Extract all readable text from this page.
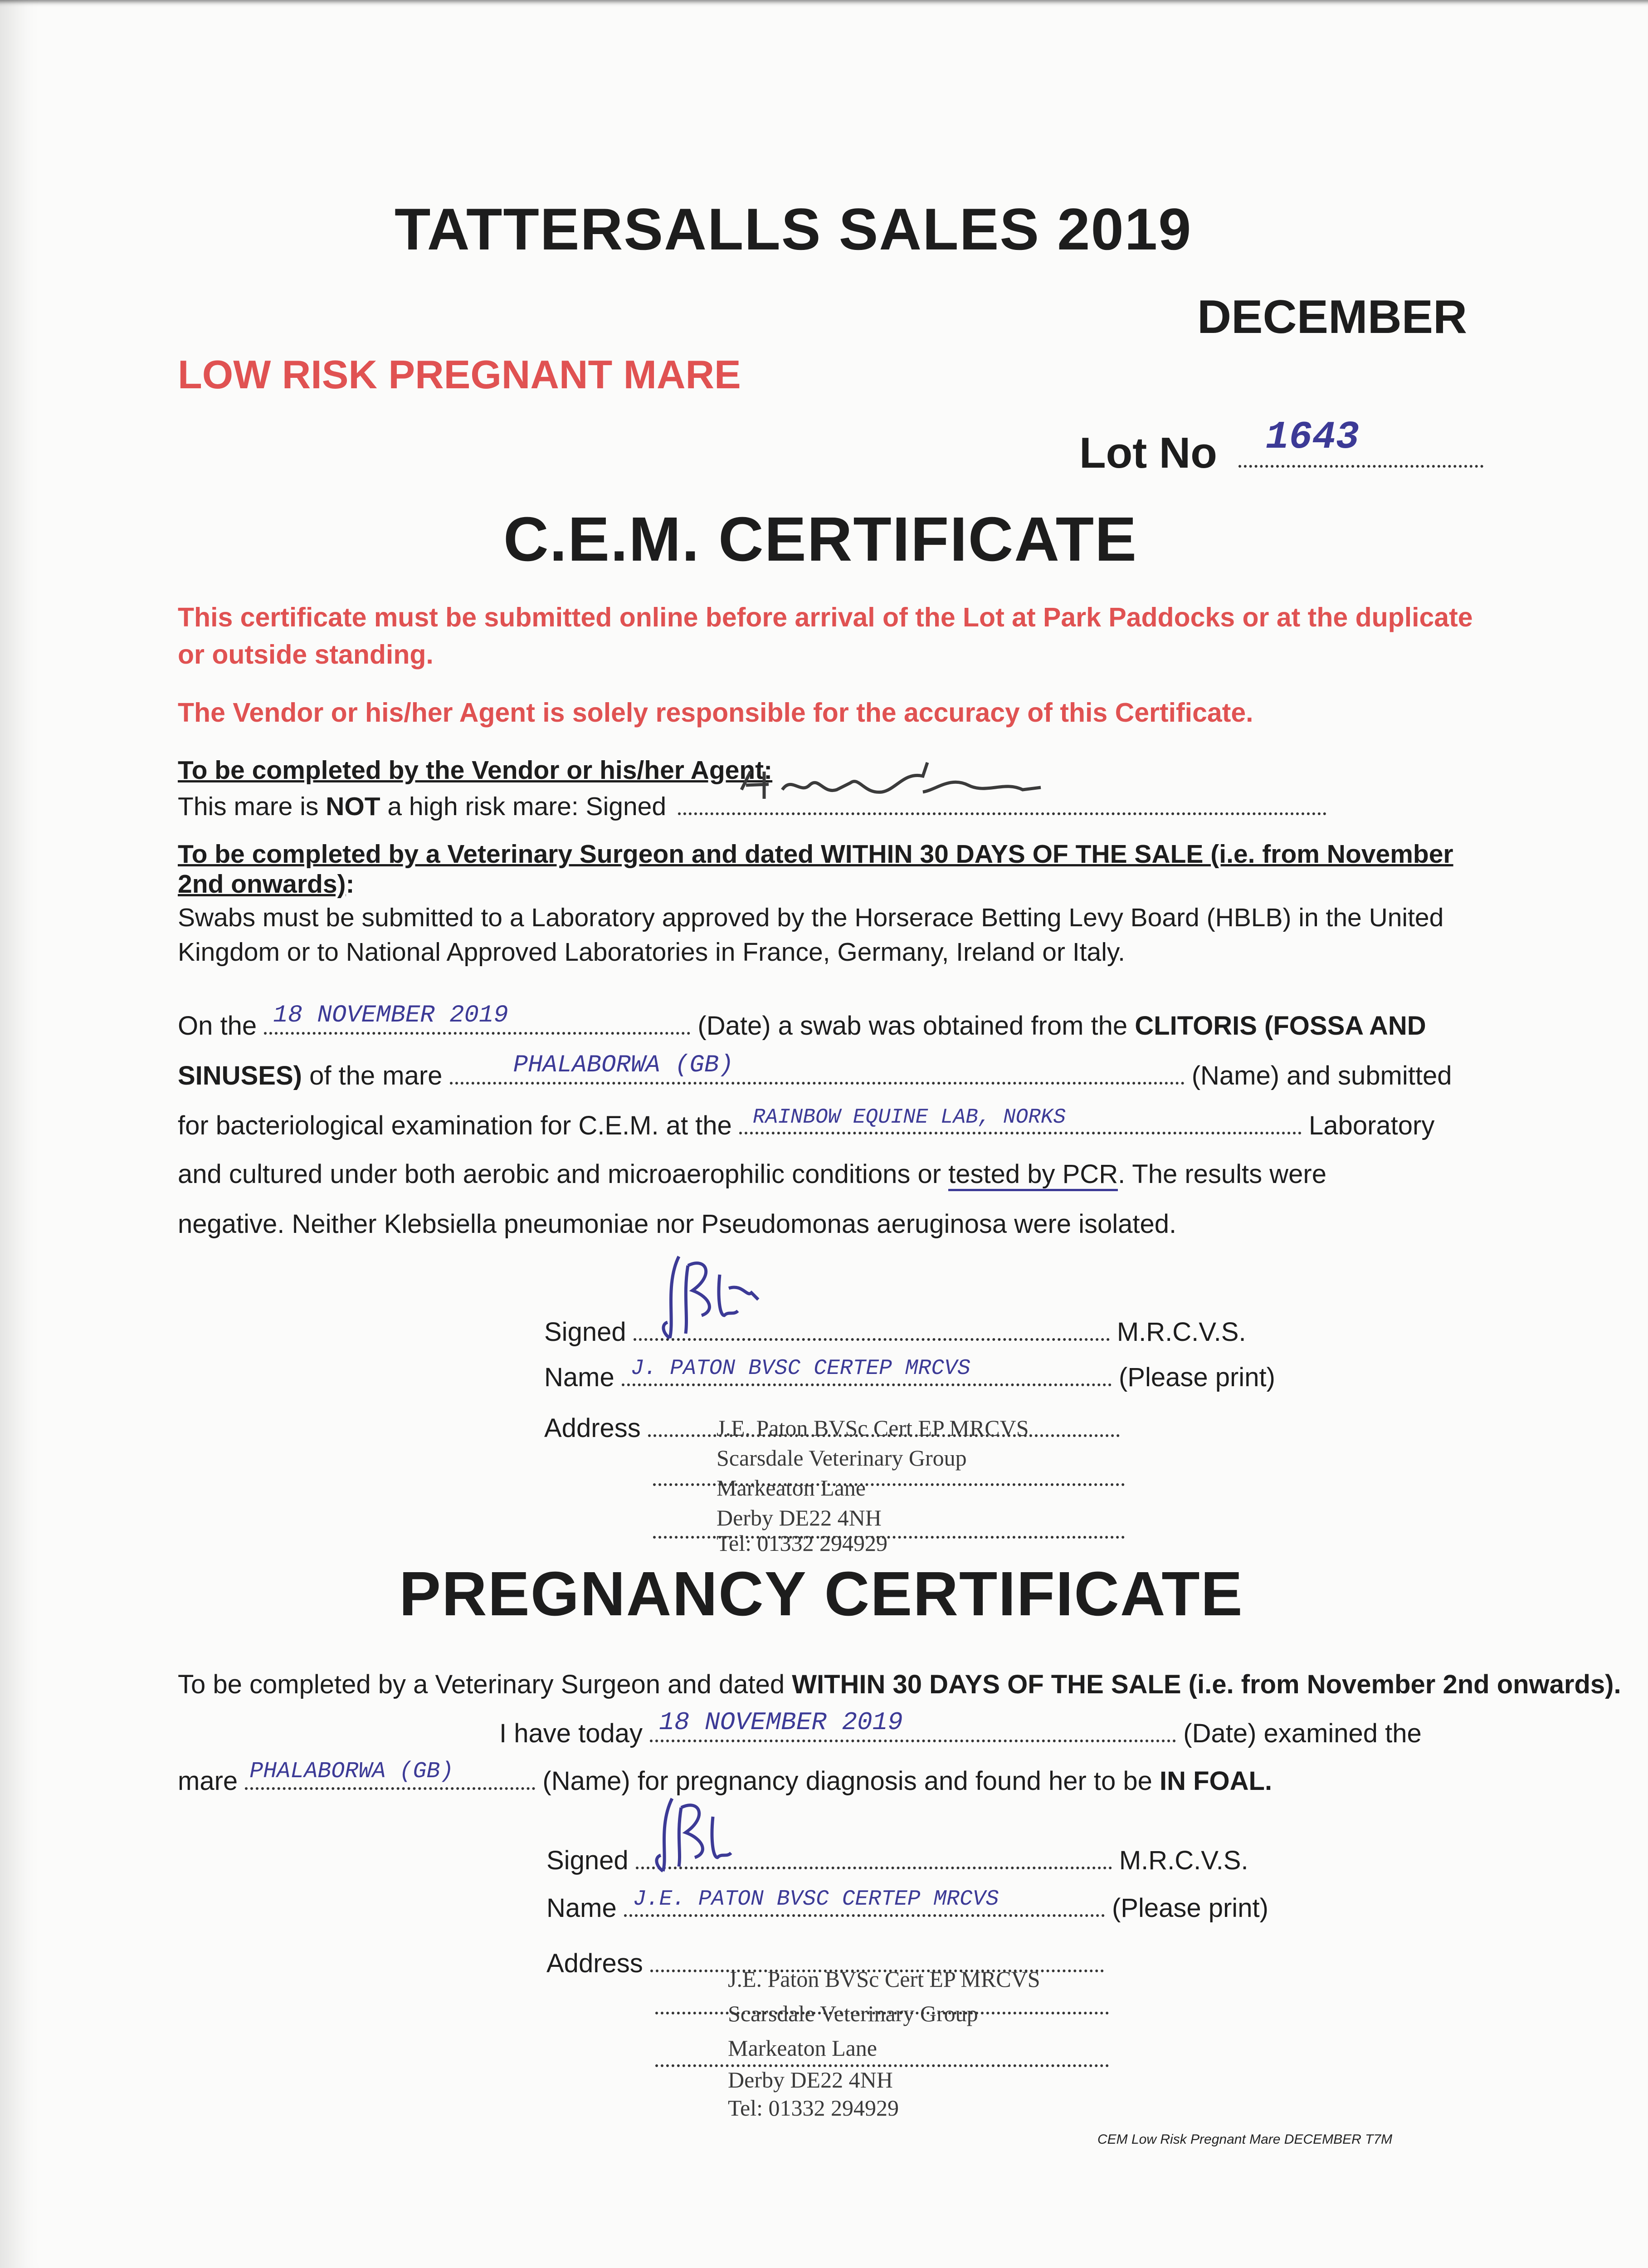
TATTERSALLS SALES 2019
DECEMBER
LOW RISK PREGNANT MARE
Lot No 1643
C.E.M. CERTIFICATE
This certificate must be submitted online before arrival of the Lot at Park Paddocks or at the duplicate or outside standing.
The Vendor or his/her Agent is solely responsible for the accuracy of this Certificate.
To be completed by the Vendor or his/her Agent:
This mare is NOT a high risk mare: Signed
To be completed by a Veterinary Surgeon and dated WITHIN 30 DAYS OF THE SALE (i.e. from November 2nd onwards):
Swabs must be submitted to a Laboratory approved by the Horserace Betting Levy Board (HBLB) in the United Kingdom or to National Approved Laboratories in France, Germany, Ireland or Italy.
On the 18 NOVEMBER 2019	(Date) a swab was obtained from the CLITORIS (FOSSA AND
SINUSES) of the mare	PHALABORWA (GB)	(Name) and submitted
for bacteriological examination for C.E.M. at the RAINBOW EQUINE LAB, NORKS	Laboratory
and cultured under both aerobic and microaerophilic conditions or tested by PCR. The results were
negative. Neither Klebsiella pneumoniae nor Pseudomonas aeruginosa were isolated.
Signed	M.R.C.V.S.
Name J. PATON BVSC CERTEP MRCVS	(Please print)
Address	J.E. Paton BVSc Cert EP MRCVS
Scarsdale Veterinary Group
Markeaton Lane
Derby DE22 4NH
Tel: 01332 294929
PREGNANCY CERTIFICATE
To be completed by a Veterinary Surgeon and dated WITHIN 30 DAYS OF THE SALE (i.e. from November 2nd onwards).
I have today 18 NOVEMBER 2019	(Date) examined the
mare PHALABORWA (GB)	(Name) for pregnancy diagnosis and found her to be IN FOAL.
Signed	M.R.C.V.S.
Name J.E. PATON BVSC CERTEP MRCVS	(Please print)
Address
J.E. Paton BVSc Cert EP MRCVS
Scarsdale Veterinary Group
Markeaton Lane
Derby DE22 4NH
Tel: 01332 294929
CEM Low Risk Pregnant Mare DECEMBER T7M
